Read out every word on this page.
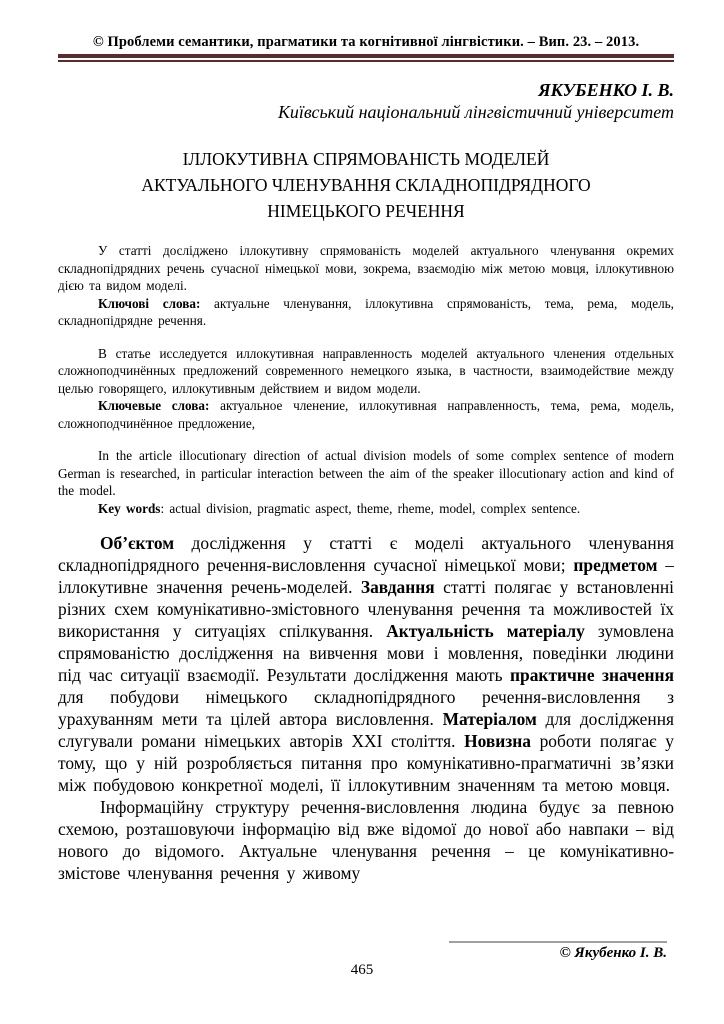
© Проблеми семантики, прагматики та когнітивної лінгвістики. – Вип. 23. – 2013.
ЯКУБЕНКО І. В.
Київський національний лінгвістичний університет
ІЛЛОКУТИВНА СПРЯМОВАНІСТЬ МОДЕЛЕЙ
АКТУАЛЬНОГО ЧЛЕНУВАННЯ СКЛАДНОПІДРЯДНОГО
НІМЕЦЬКОГО РЕЧЕННЯ

У статті досліджено іллокутивну спрямованість моделей актуального членування окремих складнопідрядних речень сучасної німецької мови, зокрема, взаємодію між метою мовця, іллокутивною дією та видом моделі.

Ключові слова: актуальне членування, іллокутивна спрямованість, тема, рема, модель, складнопідрядне речення.

В статье исследуется иллокутивная направленность моделей актуального членения отдельных сложноподчинённых предложений современного немецкого языка, в частности, взаимодействие между целью говорящего, иллокутивным действием и видом модели.

Ключевые слова: актуальное членение, иллокутивная направленность, тема, рема, модель, сложноподчинённое предложение,

In the article illocutionary direction of actual division models of some complex sentence of modern German is researched, in particular interaction between the aim of the speaker illocutionary action and kind of the model.

Key words: actual division, pragmatic aspect, theme, rheme, model, complex sentence.

Об’єктом дослідження у статті є моделі актуального членування складнопідрядного речення-висловлення сучасної німецької мови; предметом – іллокутивне значення речень-моделей. Завдання статті полягає у встановленні різних схем комунікативно-змістовного членування речення та можливостей їх використання у ситуаціях спілкування. Актуальність матеріалу зумовлена спрямованістю дослідження на вивчення мови і мовлення, поведінки людини під час ситуації взаємодії. Результати дослідження мають практичне значення для побудови німецького складнопідрядного речення-висловлення з урахуванням мети та цілей автора висловлення. Матеріалом для дослідження слугували романи німецьких авторів XXI століття. Новизна роботи полягає у тому, що у ній розробляється питання про комунікативно-прагматичні зв’язки між побудовою конкретної моделі, її іллокутивним значенням та метою мовця.

Інформаційну структуру речення-висловлення людина будує за певною схемою, розташовуючи інформацію від вже відомої до нової або навпаки – від нового до відомого. Актуальне членування речення – це комунікативно-змістове членування речення у живому

© Якубенко І. В.
465
